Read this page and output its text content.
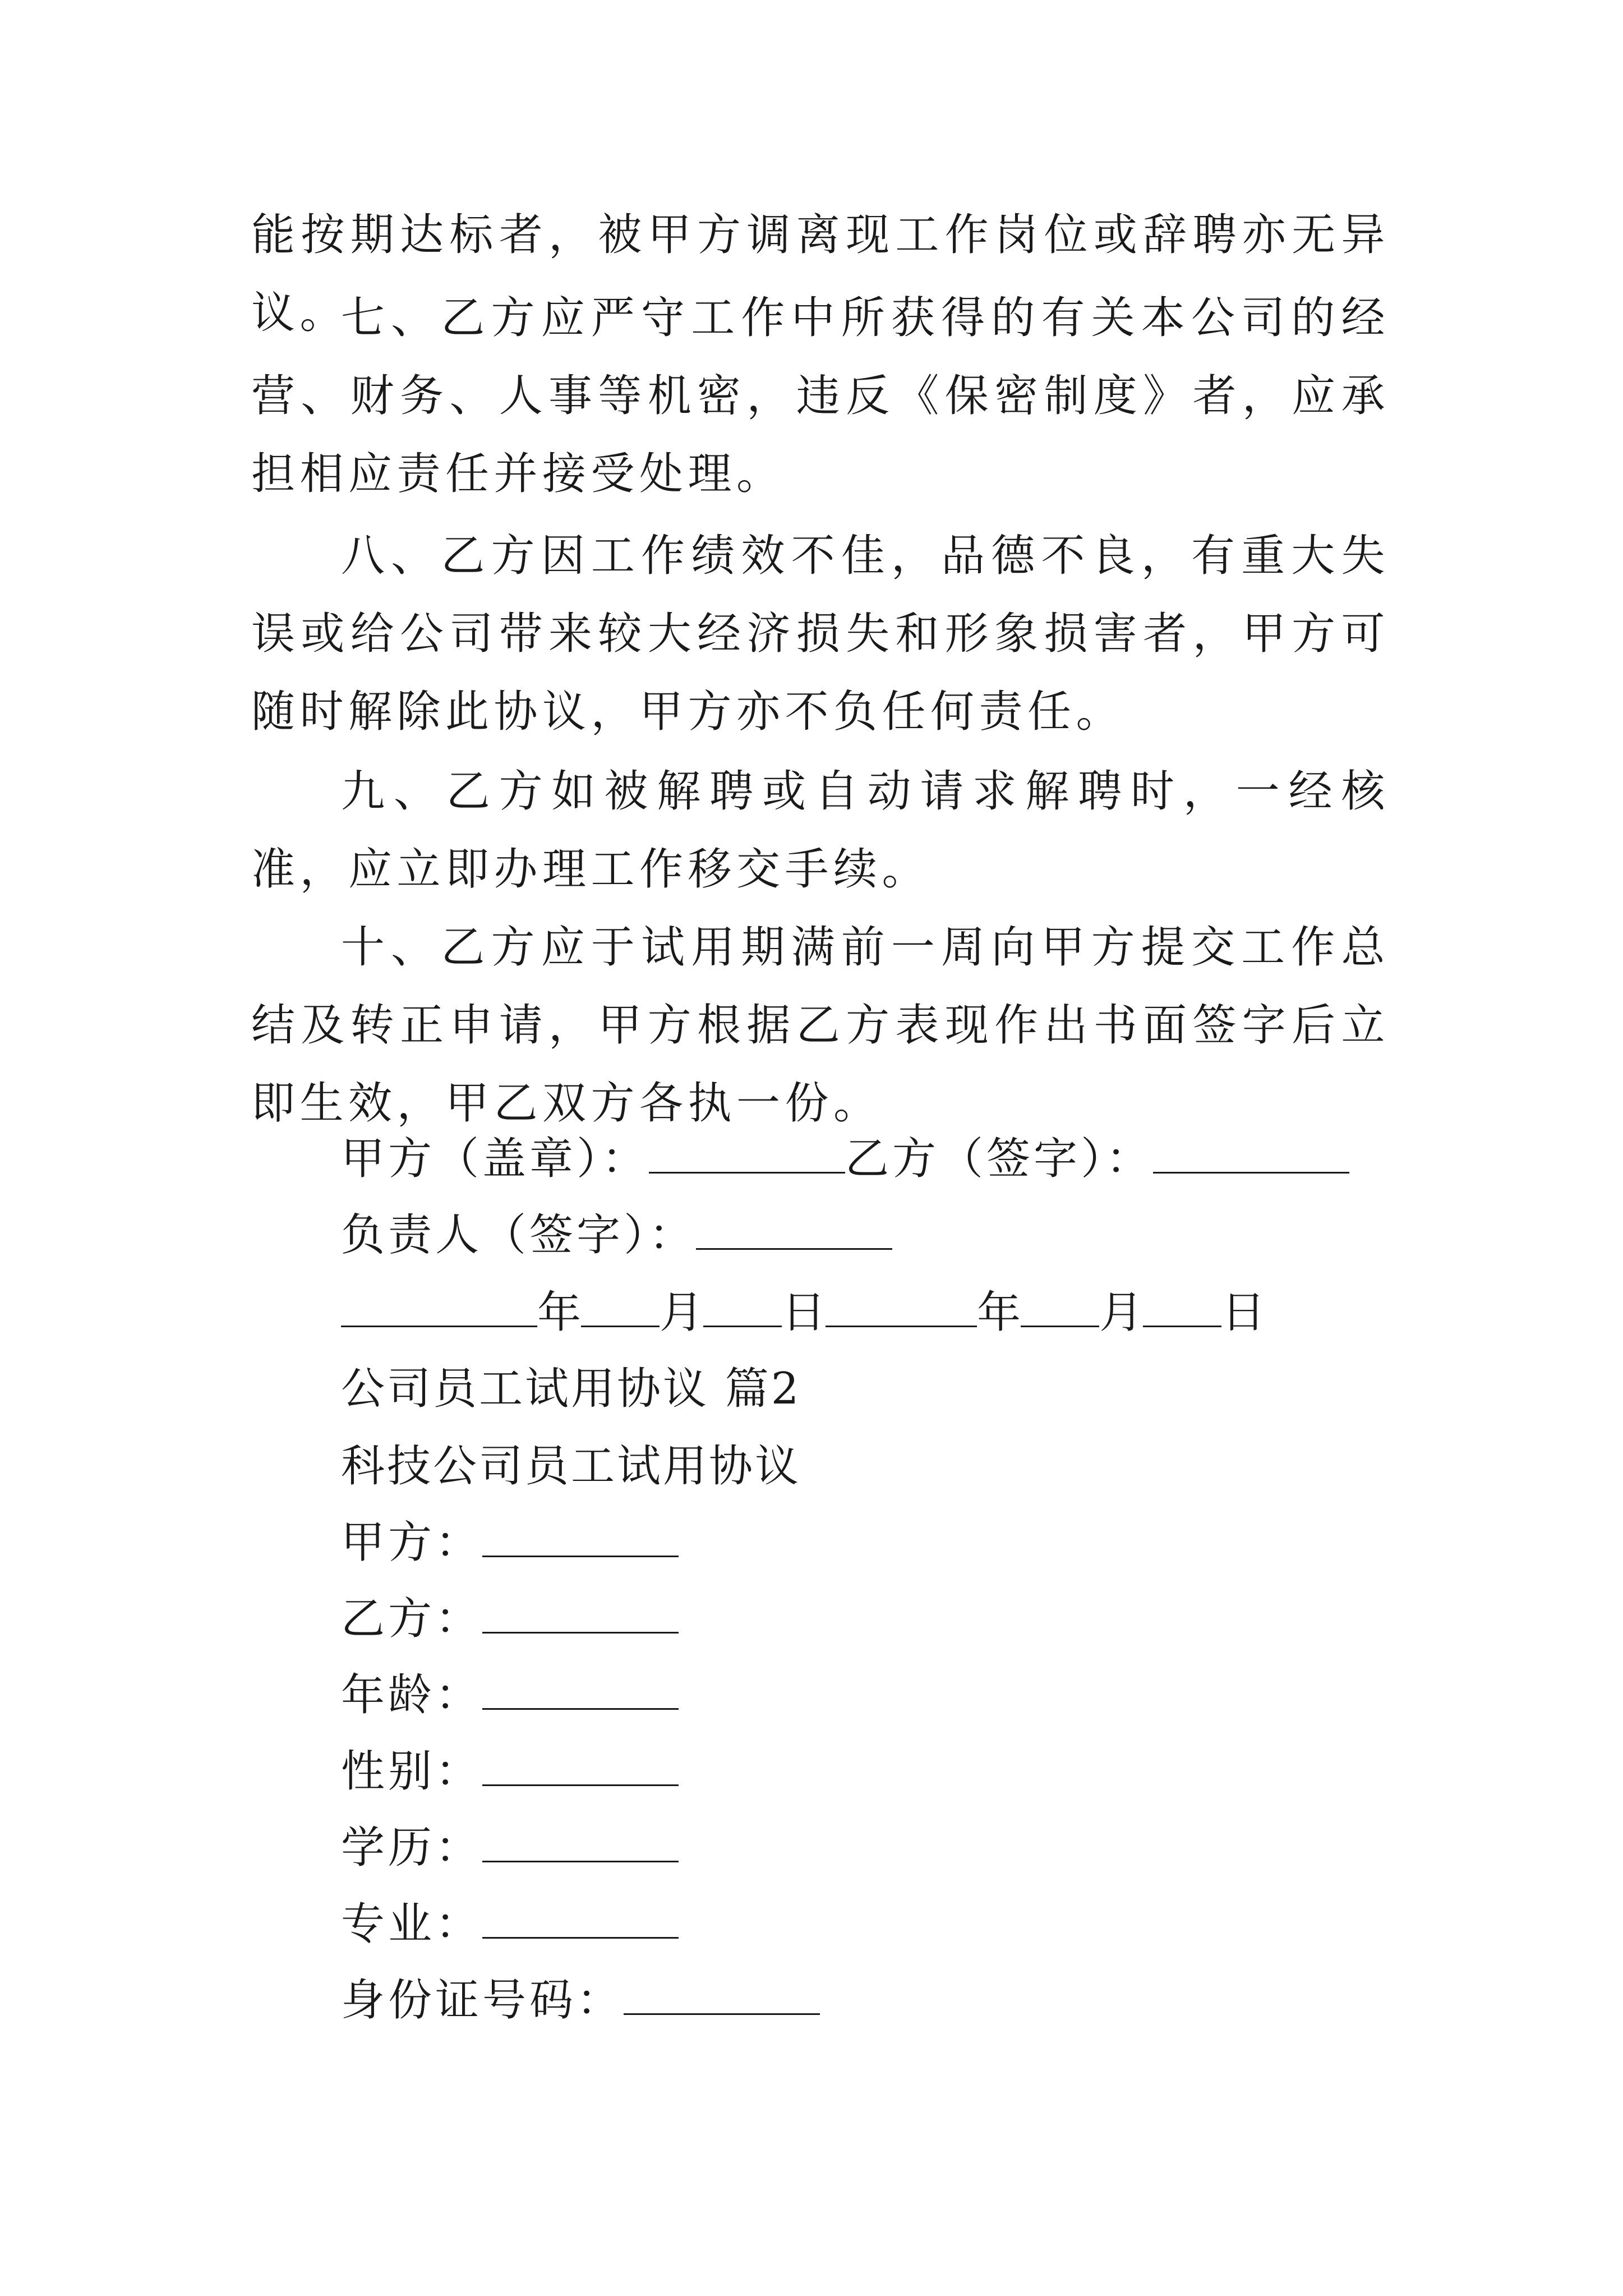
能按期达标者，被甲方调离现工作岗位或辞聘亦无异议。

七、乙方应严守工作中所获得的有关本公司的经营、财务、人事等机密，违反《保密制度》者，应承担相应责任并接受处理。

八、乙方因工作绩效不佳，品德不良，有重大失误或给公司带来较大经济损失和形象损害者，甲方可随时解除此协议，甲方亦不负任何责任。

九、乙方如被解聘或自动请求解聘时，一经核准，应立即办理工作移交手续。

十、乙方应于试用期满前一周向甲方提交工作总结及转正申请，甲方根据乙方表现作出书面签字后立即生效，甲乙双方各执一份。

甲方（盖章）：	乙方（签字）：
负责人（签字）：
年 月 日	年 月 日
公司员工试用协议 篇2
科技公司员工试用协议
甲方：
乙方：
年龄：
性别：
学历：
专业：
身份证号码：
